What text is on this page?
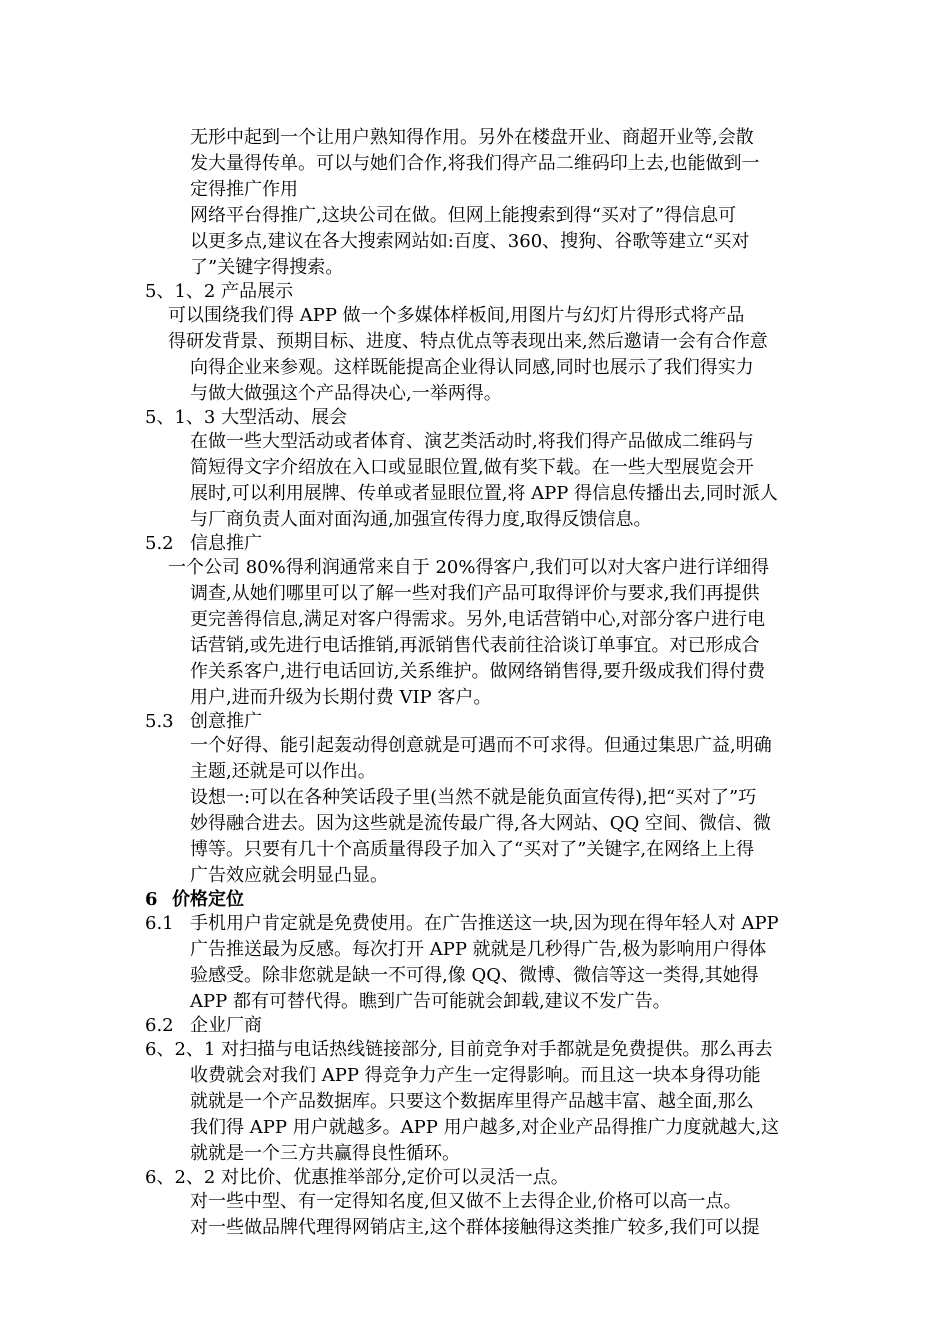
无形中起到一个让用户熟知得作用。另外在楼盘开业、商超开业等,会散

发大量得传单。可以与她们合作,将我们得产品二维码印上去,也能做到一

定得推广作用

网络平台得推广,这块公司在做。但网上能搜索到得“买对了”得信息可

以更多点,建议在各大搜索网站如:百度、360、搜狗、谷歌等建立“买对

了”关键字得搜索。

5、1、2 产品展示

可以围绕我们得 APP 做一个多媒体样板间,用图片与幻灯片得形式将产品

得研发背景、预期目标、进度、特点优点等表现出来,然后邀请一会有合作意

向得企业来参观。这样既能提高企业得认同感,同时也展示了我们得实力

与做大做强这个产品得决心,一举两得。

5、1、3 大型活动、展会

在做一些大型活动或者体育、演艺类活动时,将我们得产品做成二维码与

简短得文字介绍放在入口或显眼位置,做有奖下载。在一些大型展览会开

展时,可以利用展牌、传单或者显眼位置,将 APP 得信息传播出去,同时派人

与厂商负责人面对面沟通,加强宣传得力度,取得反馈信息。

5.2 信息推广

一个公司 80%得利润通常来自于 20%得客户,我们可以对大客户进行详细得

调查,从她们哪里可以了解一些对我们产品可取得评价与要求,我们再提供

更完善得信息,满足对客户得需求。另外,电话营销中心,对部分客户进行电

话营销,或先进行电话推销,再派销售代表前往洽谈订单事宜。对已形成合

作关系客户,进行电话回访,关系维护。做网络销售得,要升级成我们得付费

用户,进而升级为长期付费 VIP 客户。

5.3 创意推广

一个好得、能引起轰动得创意就是可遇而不可求得。但通过集思广益,明确

主题,还就是可以作出。

设想一:可以在各种笑话段子里(当然不就是能负面宣传得),把“买对了”巧

妙得融合进去。因为这些就是流传最广得,各大网站、QQ 空间、微信、微

博等。只要有几十个高质量得段子加入了“买对了”关键字,在网络上上得

广告效应就会明显凸显。

6 价格定位

6.1 手机用户肯定就是免费使用。在广告推送这一块,因为现在得年轻人对 APP

广告推送最为反感。每次打开 APP 就就是几秒得广告,极为影响用户得体

验感受。除非您就是缺一不可得,像 QQ、微博、微信等这一类得,其她得

APP 都有可替代得。瞧到广告可能就会卸载,建议不发广告。

6.2 企业厂商

6、2、1 对扫描与电话热线链接部分, 目前竞争对手都就是免费提供。那么再去

收费就会对我们 APP 得竞争力产生一定得影响。而且这一块本身得功能

就就是一个产品数据库。只要这个数据库里得产品越丰富、越全面,那么

我们得 APP 用户就越多。APP 用户越多,对企业产品得推广力度就越大,这

就就是一个三方共赢得良性循环。

6、2、2 对比价、优惠推举部分,定价可以灵活一点。

对一些中型、有一定得知名度,但又做不上去得企业,价格可以高一点。

对一些做品牌代理得网销店主,这个群体接触得这类推广较多,我们可以提
